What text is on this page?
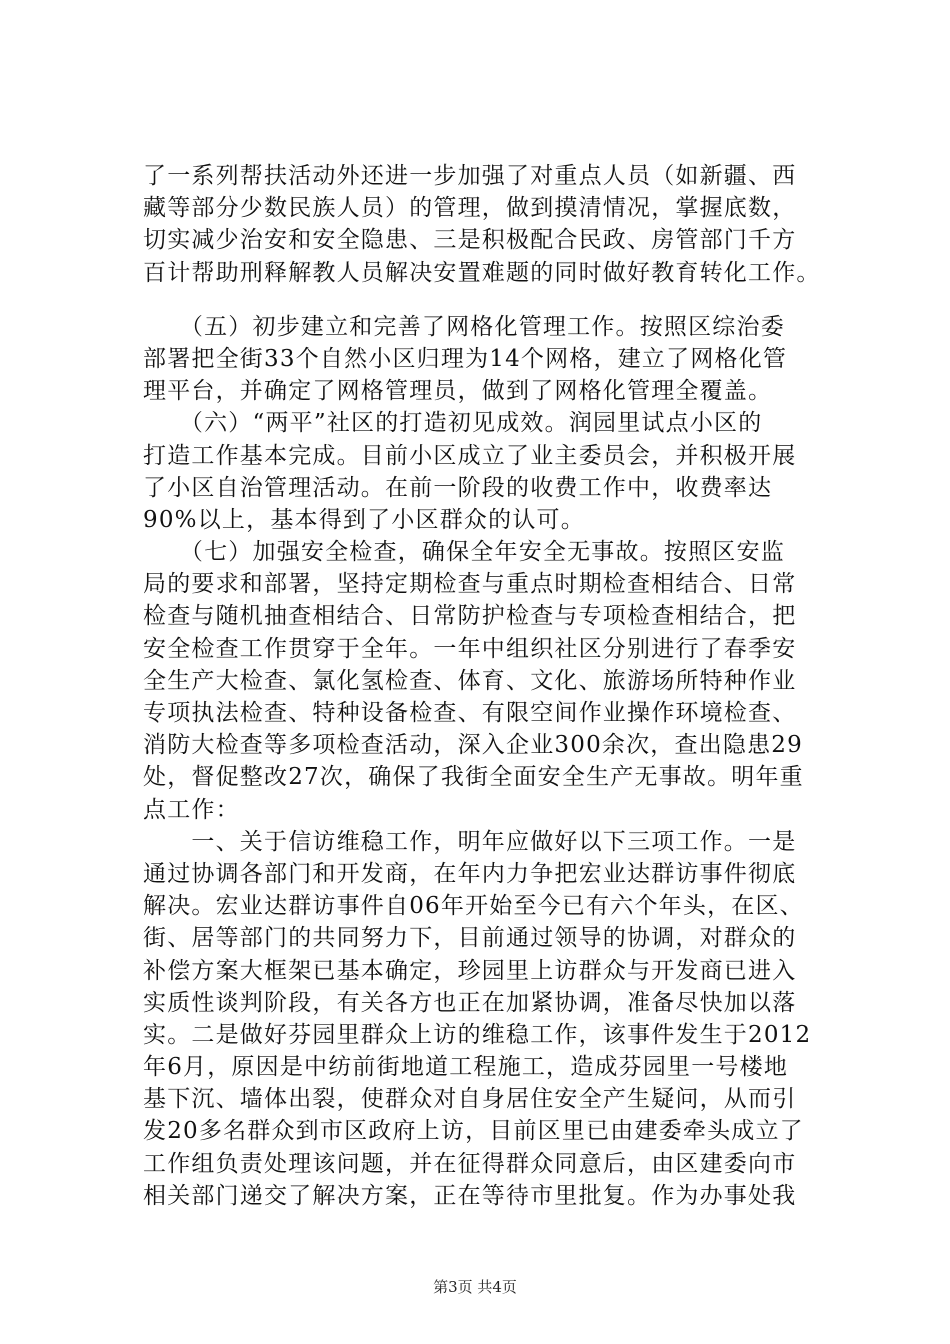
了一系列帮扶活动外还进一步加强了对重点人员（如新疆、西
藏等部分少数民族人员）的管理，做到摸清情况，掌握底数，
切实减少治安和安全隐患、三是积极配合民政、房管部门千方
百计帮助刑释解教人员解决安置难题的同时做好教育转化工作。
　　（五）初步建立和完善了网格化管理工作。按照区综治委
部署把全街33个自然小区归理为14个网格，建立了网格化管
理平台，并确定了网格管理员，做到了网格化管理全覆盖。
　　（六）“两平”社区的打造初见成效。润园里试点小区的
打造工作基本完成。目前小区成立了业主委员会，并积极开展
了小区自治管理活动。在前一阶段的收费工作中，收费率达
90%以上，基本得到了小区群众的认可。
　　（七）加强安全检查，确保全年安全无事故。按照区安监
局的要求和部署，坚持定期检查与重点时期检查相结合、日常
检查与随机抽查相结合、日常防护检查与专项检查相结合，把
安全检查工作贯穿于全年。一年中组织社区分别进行了春季安
全生产大检查、氯化氢检查、体育、文化、旅游场所特种作业
专项执法检查、特种设备检查、有限空间作业操作环境检查、
消防大检查等多项检查活动，深入企业300余次，查出隐患29
处，督促整改27次，确保了我街全面安全生产无事故。明年重
点工作：
　　一、关于信访维稳工作，明年应做好以下三项工作。一是
通过协调各部门和开发商，在年内力争把宏业达群访事件彻底
解决。宏业达群访事件自06年开始至今已有六个年头，在区、
街、居等部门的共同努力下，目前通过领导的协调，对群众的
补偿方案大框架已基本确定，珍园里上访群众与开发商已进入
实质性谈判阶段，有关各方也正在加紧协调，准备尽快加以落
实。二是做好芬园里群众上访的维稳工作，该事件发生于2012
年6月，原因是中纺前街地道工程施工，造成芬园里一号楼地
基下沉、墙体出裂，使群众对自身居住安全产生疑问，从而引
发20多名群众到市区政府上访，目前区里已由建委牵头成立了
工作组负责处理该问题，并在征得群众同意后，由区建委向市
相关部门递交了解决方案，正在等待市里批复。作为办事处我
第3页 共4页
